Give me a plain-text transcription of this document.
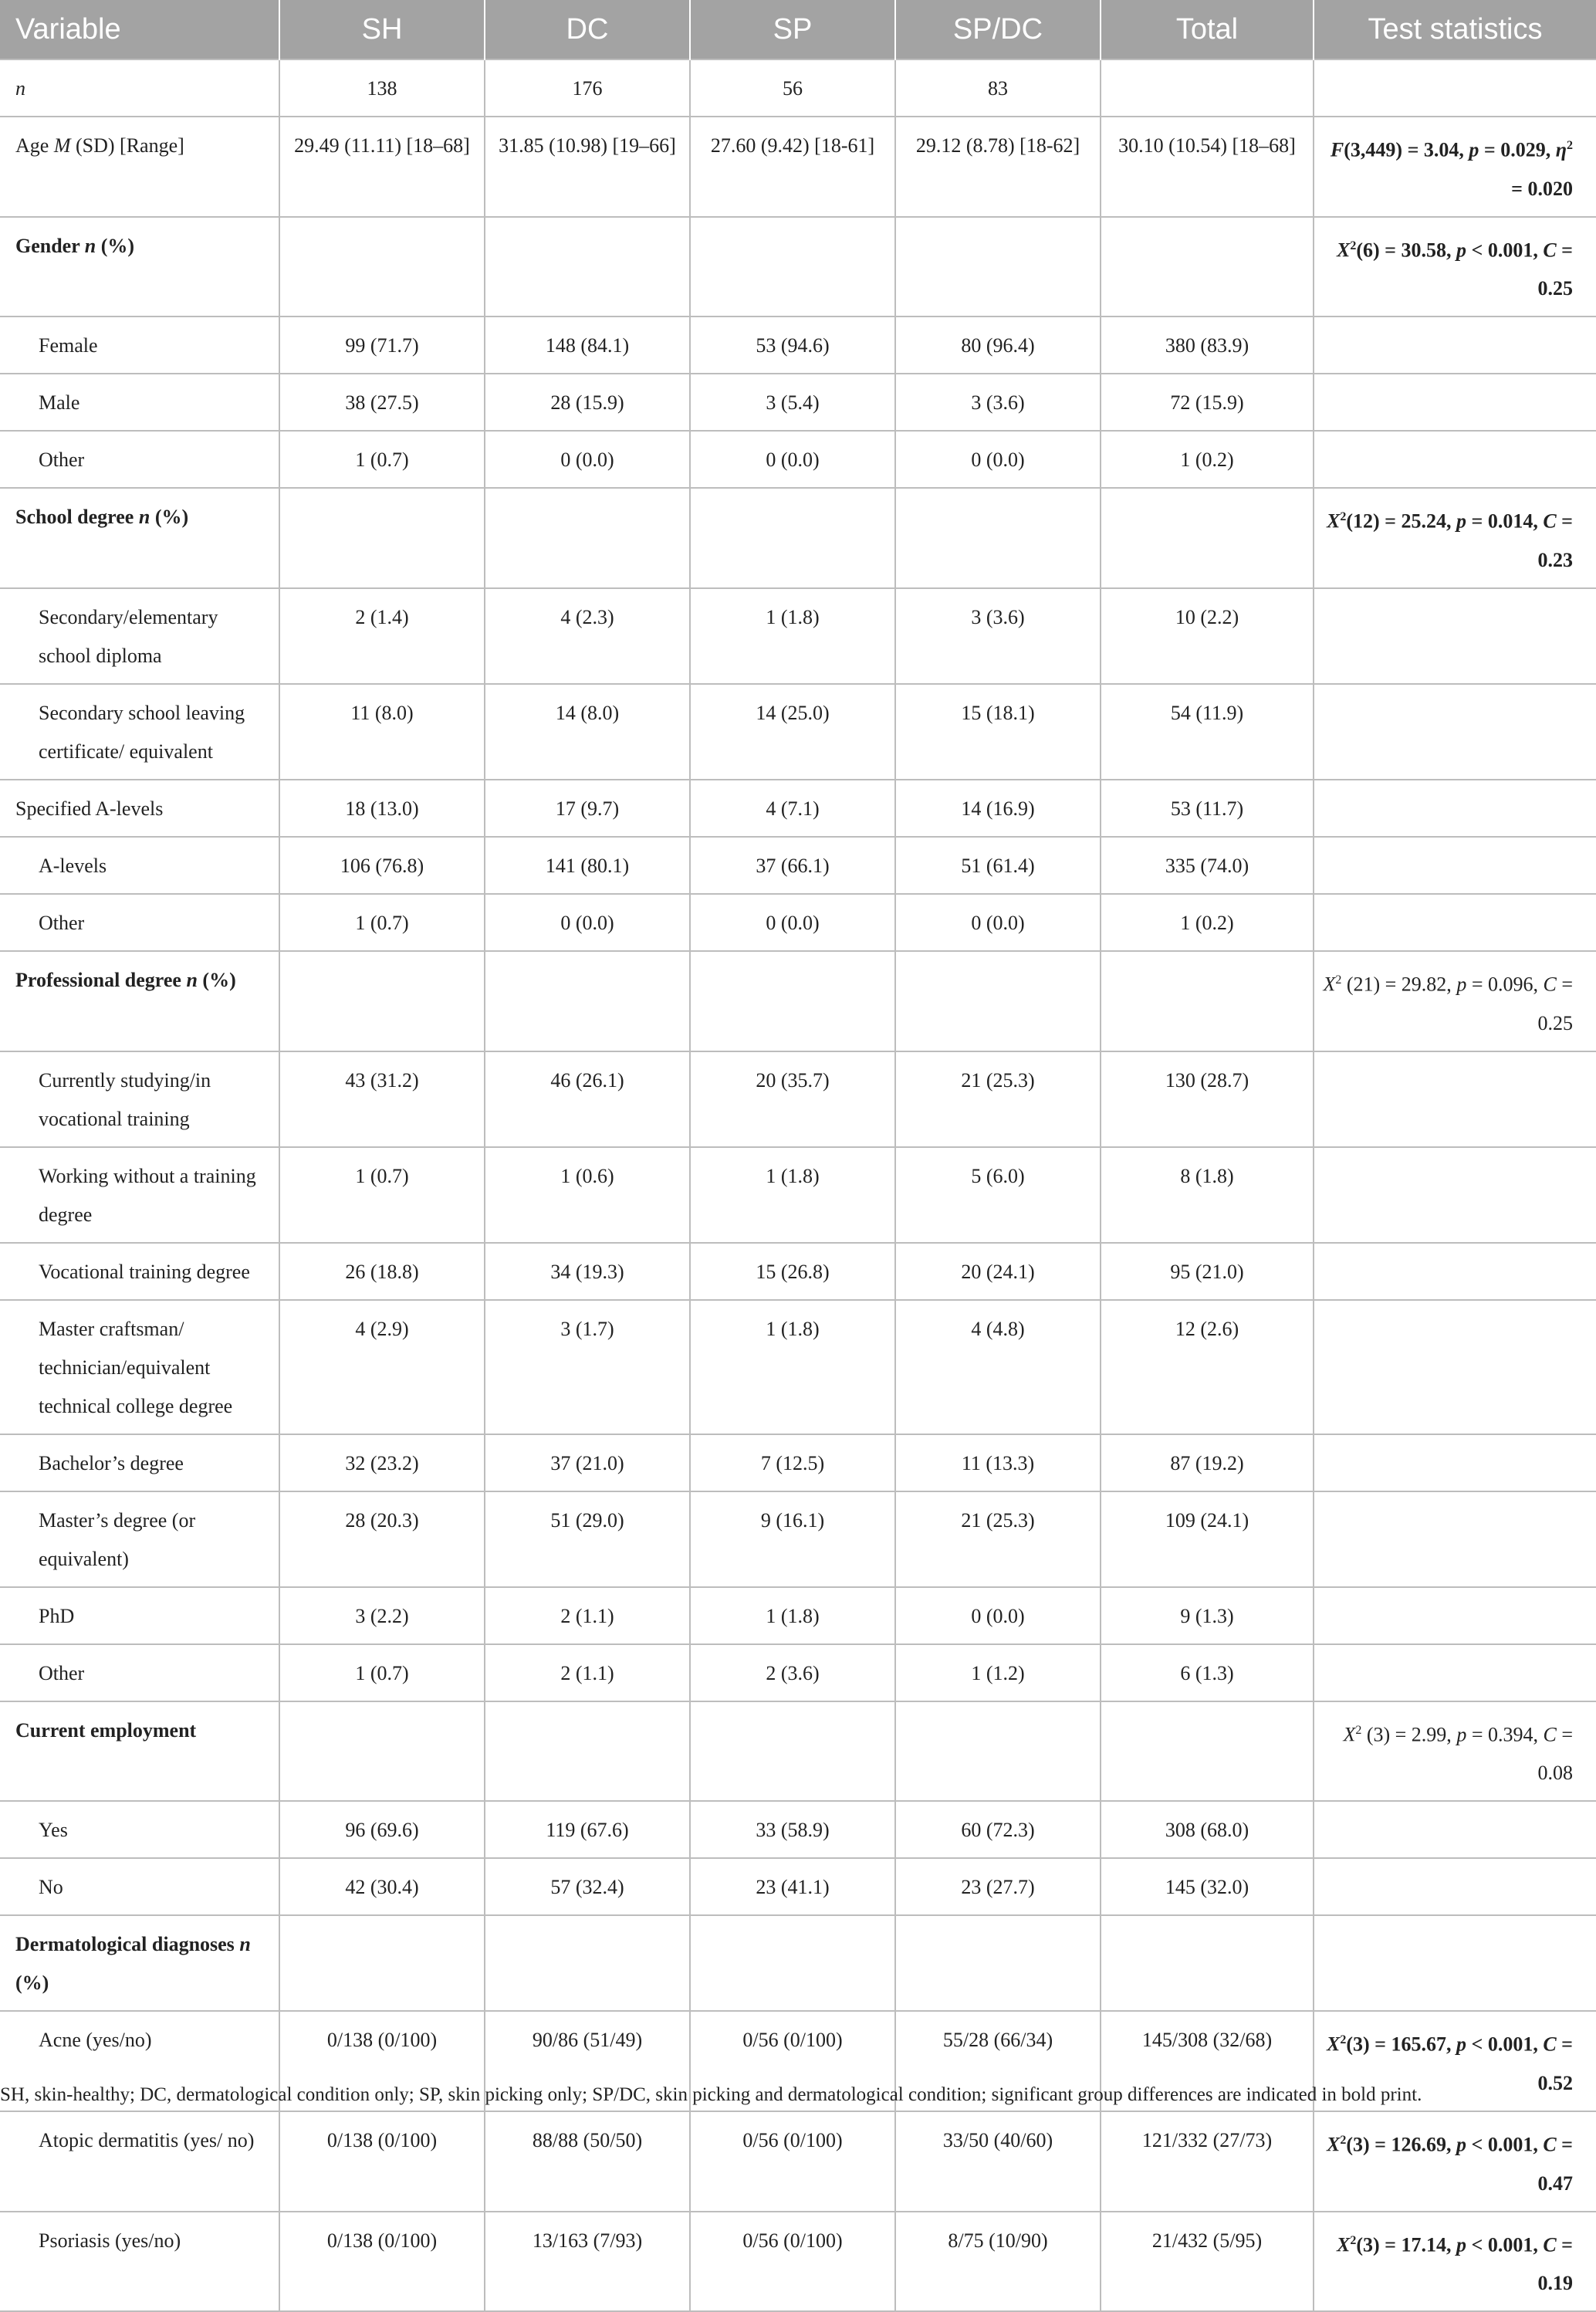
Variable	SH	DC	SP	SP/DC	Total	Test statistics
n	138	176	56	83		
Age M (SD) [Range]	29.49 (11.11) [18–68]	31.85 (10.98) [19–66]	27.60 (9.42) [18-61]	29.12 (8.78) [18-62]	30.10 (10.54) [18–68]	F(3,449) = 3.04, p = 0.029, $\eta^2 = 0.020$
Gender n (%)						$X^2(6) = 30.58$, p < 0.001, C = 0.25
Female	99 (71.7)	148 (84.1)	53 (94.6)	80 (96.4)	380 (83.9)	
Male	38 (27.5)	28 (15.9)	3 (5.4)	3 (3.6)	72 (15.9)	
Other	1 (0.7)	0 (0.0)	0 (0.0)	0 (0.0)	1 (0.2)	
School degree n (%)						$X^2(12) = 25.24$, p = 0.014, C = 0.23
Secondary/elementary school diploma	2 (1.4)	4 (2.3)	1 (1.8)	3 (3.6)	10 (2.2)	
Secondary school leaving certificate/ equivalent	11 (8.0)	14 (8.0)	14 (25.0)	15 (18.1)	54 (11.9)	
Specified A-levels	18 (13.0)	17 (9.7)	4 (7.1)	14 (16.9)	53 (11.7)	
A-levels	106 (76.8)	141 (80.1)	37 (66.1)	51 (61.4)	335 (74.0)	
Other	1 (0.7)	0 (0.0)	0 (0.0)	0 (0.0)	1 (0.2)	
Professional degree n (%)						$X^2$ (21) = 29.82, p = 0.096, C = 0.25
Currently studying/in vocational training	43 (31.2)	46 (26.1)	20 (35.7)	21 (25.3)	130 (28.7)	
Working without a training degree	1 (0.7)	1 (0.6)	1 (1.8)	5 (6.0)	8 (1.8)	
Vocational training degree	26 (18.8)	34 (19.3)	15 (26.8)	20 (24.1)	95 (21.0)	
Master craftsman/ technician/equivalent technical college degree	4 (2.9)	3 (1.7)	1 (1.8)	4 (4.8)	12 (2.6)	
Bachelor’s degree	32 (23.2)	37 (21.0)	7 (12.5)	11 (13.3)	87 (19.2)	
Master’s degree (or equivalent)	28 (20.3)	51 (29.0)	9 (16.1)	21 (25.3)	109 (24.1)	
PhD	3 (2.2)	2 (1.1)	1 (1.8)	0 (0.0)	9 (1.3)	
Other	1 (0.7)	2 (1.1)	2 (3.6)	1 (1.2)	6 (1.3)	
Current employment						$X^2$ (3) = 2.99, p = 0.394, C = 0.08
Yes	96 (69.6)	119 (67.6)	33 (58.9)	60 (72.3)	308 (68.0)	
No	42 (30.4)	57 (32.4)	23 (41.1)	23 (27.7)	145 (32.0)	
Dermatological diagnoses n (%)						
Acne (yes/no)	0/138 (0/100)	90/86 (51/49)	0/56 (0/100)	55/28 (66/34)	145/308 (32/68)	$X^2(3) = 165.67$, p < 0.001, C = 0.52
Atopic dermatitis (yes/ no)	0/138 (0/100)	88/88 (50/50)	0/56 (0/100)	33/50 (40/60)	121/332 (27/73)	$X^2(3) = 126.69$, p < 0.001, C = 0.47
Psoriasis (yes/no)	0/138 (0/100)	13/163 (7/93)	0/56 (0/100)	8/75 (10/90)	21/432 (5/95)	$X^2(3) = 17.14$, p < 0.001, C = 0.19
SH, skin-healthy; DC, dermatological condition only; SP, skin picking only; SP/DC, skin picking and dermatological condition; significant group differences are indicated in bold print.
